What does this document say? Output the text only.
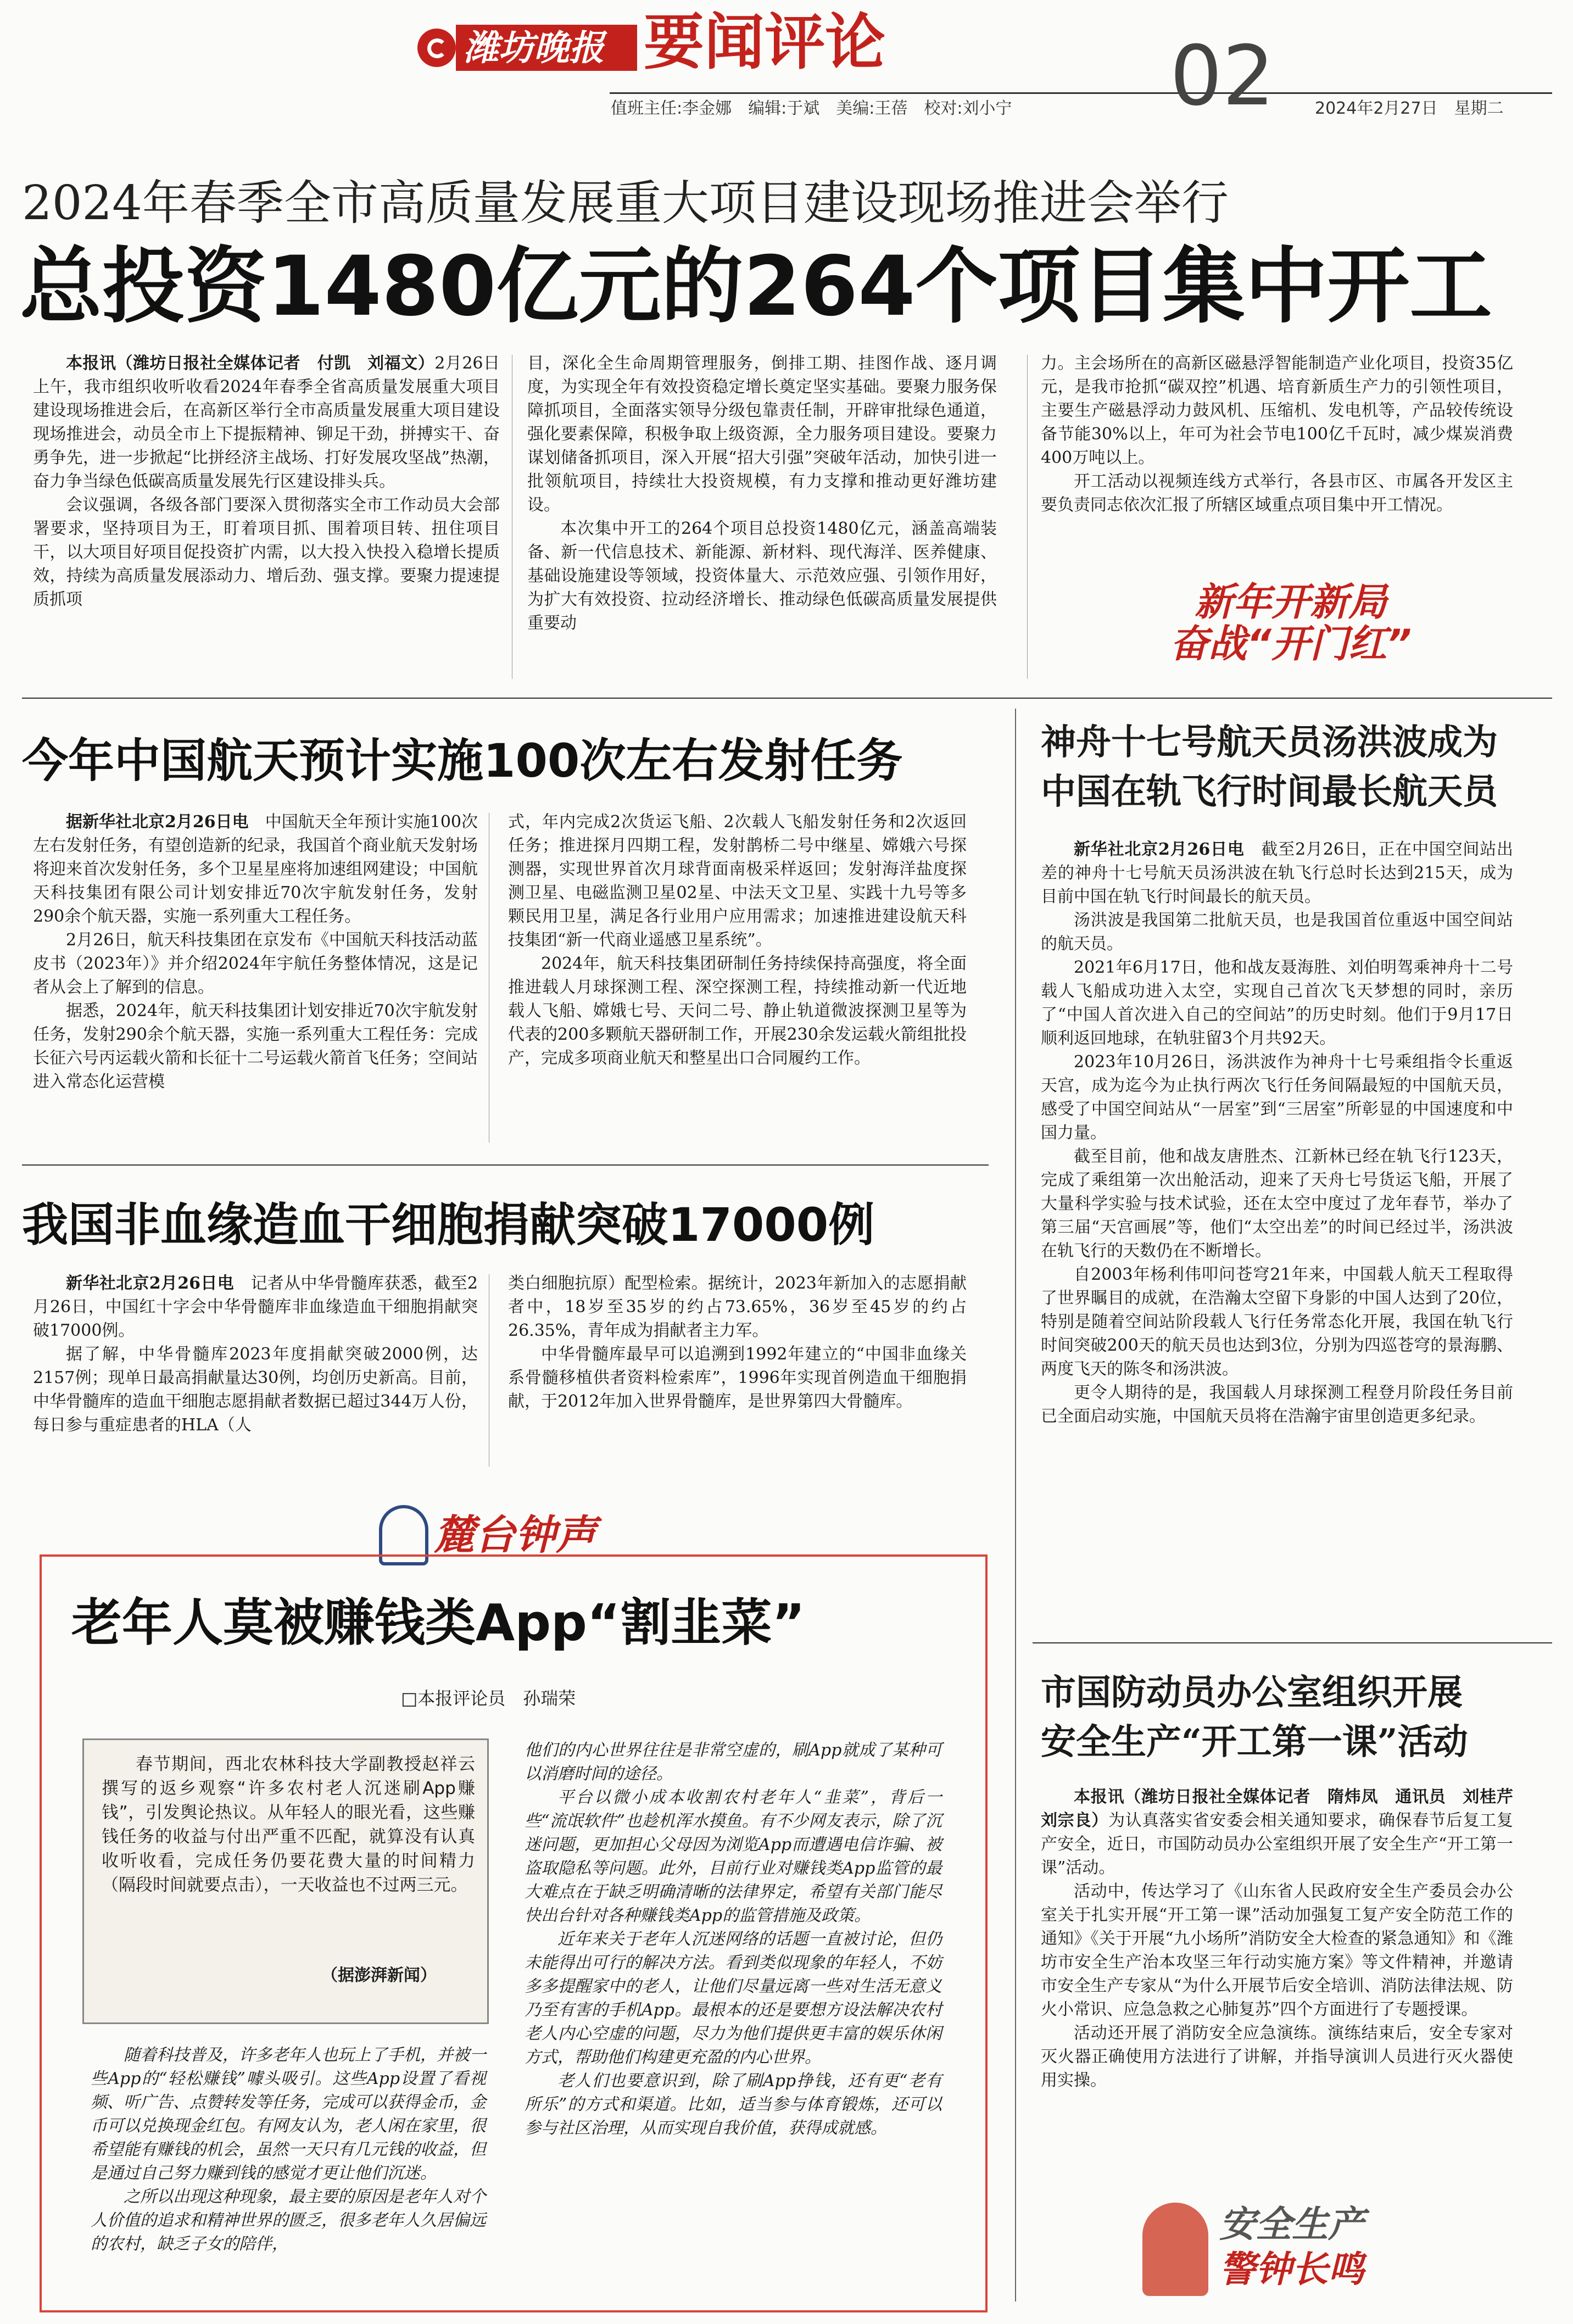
潍坊晚报 要闻评论
值班主任:李金娜　编辑:于斌　美编:王蓓　校对:刘小宁 02 2024年2月27日　星期二
2024年春季全市高质量发展重大项目建设现场推进会举行
总投资1480亿元的264个项目集中开工

本报讯（潍坊日报社全媒体记者　付凯　刘福文）2月26日上午，我市组织收听收看2024年春季全省高质量发展重大项目建设现场推进会后，在高新区举行全市高质量发展重大项目建设现场推进会，动员全市上下提振精神、铆足干劲，拼搏实干、奋勇争先，进一步掀起“比拼经济主战场、打好发展攻坚战”热潮，奋力争当绿色低碳高质量发展先行区建设排头兵。

会议强调，各级各部门要深入贯彻落实全市工作动员大会部署要求，坚持项目为王，盯着项目抓、围着项目转、扭住项目干，以大项目好项目促投资扩内需，以大投入快投入稳增长提质效，持续为高质量发展添动力、增后劲、强支撑。要聚力提速提质抓项

目，深化全生命周期管理服务，倒排工期、挂图作战、逐月调度，为实现全年有效投资稳定增长奠定坚实基础。要聚力服务保障抓项目，全面落实领导分级包靠责任制，开辟审批绿色通道，强化要素保障，积极争取上级资源，全力服务项目建设。要聚力谋划储备抓项目，深入开展“招大引强”突破年活动，加快引进一批领航项目，持续壮大投资规模，有力支撑和推动更好潍坊建设。

本次集中开工的264个项目总投资1480亿元，涵盖高端装备、新一代信息技术、新能源、新材料、现代海洋、医养健康、基础设施建设等领域，投资体量大、示范效应强、引领作用好，为扩大有效投资、拉动经济增长、推动绿色低碳高质量发展提供重要动

力。主会场所在的高新区磁悬浮智能制造产业化项目，投资35亿元，是我市抢抓“碳双控”机遇、培育新质生产力的引领性项目，主要生产磁悬浮动力鼓风机、压缩机、发电机等，产品较传统设备节能30%以上，年可为社会节电100亿千瓦时，减少煤炭消费400万吨以上。

开工活动以视频连线方式举行，各县市区、市属各开发区主要负责同志依次汇报了所辖区域重点项目集中开工情况。

新年开新局
奋战“开门红”
今年中国航天预计实施100次左右发射任务

据新华社北京2月26日电　 中国航天全年预计实施100次左右发射任务，有望创造新的纪录，我国首个商业航天发射场将迎来首次发射任务，多个卫星星座将加速组网建设；中国航天科技集团有限公司计划安排近70次宇航发射任务，发射290余个航天器，实施一系列重大工程任务。

2月26日，航天科技集团在京发布《中国航天科技活动蓝皮书（2023年）》并介绍2024年宇航任务整体情况，这是记者从会上了解到的信息。

据悉，2024年，航天科技集团计划安排近70次宇航发射任务，发射290余个航天器，实施一系列重大工程任务：完成长征六号丙运载火箭和长征十二号运载火箭首飞任务；空间站进入常态化运营模

式，年内完成2次货运飞船、2次载人飞船发射任务和2次返回任务；推进探月四期工程，发射鹊桥二号中继星、嫦娥六号探测器，实现世界首次月球背面南极采样返回；发射海洋盐度探测卫星、电磁监测卫星02星、中法天文卫星、实践十九号等多颗民用卫星，满足各行业用户应用需求；加速推进建设航天科技集团“新一代商业遥感卫星系统”。

2024年，航天科技集团研制任务持续保持高强度，将全面推进载人月球探测工程、深空探测工程，持续推动新一代近地载人飞船、嫦娥七号、天问二号、静止轨道微波探测卫星等为代表的200多颗航天器研制工作，开展230余发运载火箭组批投产，完成多项商业航天和整星出口合同履约工作。

我国非血缘造血干细胞捐献突破17000例

新华社北京2月26日电　 记者从中华骨髓库获悉，截至2月26日，中国红十字会中华骨髓库非血缘造血干细胞捐献突破17000例。

据了解，中华骨髓库2023年度捐献突破2000例，达2157例；现单日最高捐献量达30例，均创历史新高。目前，中华骨髓库的造血干细胞志愿捐献者数据已超过344万人份，每日参与重症患者的HLA（人

类白细胞抗原）配型检索。据统计，2023年新加入的志愿捐献者中，18岁至35岁的约占73.65%，36岁至45岁的约占26.35%，青年成为捐献者主力军。

中华骨髓库最早可以追溯到1992年建立的“中国非血缘关系骨髓移植供者资料检索库”，1996年实现首例造血干细胞捐献，于2012年加入世界骨髓库，是世界第四大骨髓库。

麓台钟声
老年人莫被赚钱类App“割韭菜”
□本报评论员　孙瑞荣

春节期间，西北农林科技大学副教授赵祥云撰写的返乡观察“许多农村老人沉迷刷App赚钱”，引发舆论热议。从年轻人的眼光看，这些赚钱任务的收益与付出严重不匹配，就算没有认真收听收看，完成任务仍要花费大量的时间精力（隔段时间就要点击），一天收益也不过两三元。

（据澎湃新闻）

随着科技普及，许多老年人也玩上了手机，并被一些App的“轻松赚钱”噱头吸引。这些App设置了看视频、听广告、点赞转发等任务，完成可以获得金币，金币可以兑换现金红包。有网友认为，老人闲在家里，很希望能有赚钱的机会，虽然一天只有几元钱的收益，但是通过自己努力赚到钱的感觉才更让他们沉迷。

之所以出现这种现象，最主要的原因是老年人对个人价值的追求和精神世界的匮乏，很多老年人久居偏远的农村，缺乏子女的陪伴，

他们的内心世界往往是非常空虚的，刷App就成了某种可以消磨时间的途径。

平台以微小成本收割农村老年人“韭菜”，背后一些“流氓软件”也趁机浑水摸鱼。有不少网友表示，除了沉迷问题，更加担心父母因为浏览App而遭遇电信诈骗、被盗取隐私等问题。此外，目前行业对赚钱类App监管的最大难点在于缺乏明确清晰的法律界定，希望有关部门能尽快出台针对各种赚钱类App的监管措施及政策。

近年来关于老年人沉迷网络的话题一直被讨论，但仍未能得出可行的解决方法。看到类似现象的年轻人，不妨多多提醒家中的老人，让他们尽量远离一些对生活无意义乃至有害的手机App。最根本的还是要想方设法解决农村老人内心空虚的问题，尽力为他们提供更丰富的娱乐休闲方式，帮助他们构建更充盈的内心世界。

老人们也要意识到，除了刷App挣钱，还有更“老有所乐”的方式和渠道。比如，适当参与体育锻炼，还可以参与社区治理，从而实现自我价值，获得成就感。

神舟十七号航天员汤洪波成为
中国在轨飞行时间最长航天员

新华社北京2月26日电　 截至2月26日，正在中国空间站出差的神舟十七号航天员汤洪波在轨飞行总时长达到215天，成为目前中国在轨飞行时间最长的航天员。

汤洪波是我国第二批航天员，也是我国首位重返中国空间站的航天员。

2021年6月17日，他和战友聂海胜、刘伯明驾乘神舟十二号载人飞船成功进入太空，实现自己首次飞天梦想的同时，亲历了“中国人首次进入自己的空间站”的历史时刻。他们于9月17日顺利返回地球，在轨驻留3个月共92天。

2023年10月26日，汤洪波作为神舟十七号乘组指令长重返天宫，成为迄今为止执行两次飞行任务间隔最短的中国航天员，感受了中国空间站从“一居室”到“三居室”所彰显的中国速度和中国力量。

截至目前，他和战友唐胜杰、江新林已经在轨飞行123天，完成了乘组第一次出舱活动，迎来了天舟七号货运飞船，开展了大量科学实验与技术试验，还在太空中度过了龙年春节，举办了第三届“天宫画展”等，他们“太空出差”的时间已经过半，汤洪波在轨飞行的天数仍在不断增长。

自2003年杨利伟叩问苍穹21年来，中国载人航天工程取得了世界瞩目的成就，在浩瀚太空留下身影的中国人达到了20位，特别是随着空间站阶段载人飞行任务常态化开展，我国在轨飞行时间突破200天的航天员也达到3位，分别为四巡苍穹的景海鹏、两度飞天的陈冬和汤洪波。

更令人期待的是，我国载人月球探测工程登月阶段任务目前已全面启动实施，中国航天员将在浩瀚宇宙里创造更多纪录。

市国防动员办公室组织开展
安全生产“开工第一课”活动

本报讯（潍坊日报社全媒体记者　隋炜凤　通讯员　刘桂芹　刘宗良）为认真落实省安委会相关通知要求，确保春节后复工复产安全，近日，市国防动员办公室组织开展了安全生产“开工第一课”活动。

活动中，传达学习了《山东省人民政府安全生产委员会办公室关于扎实开展“开工第一课”活动加强复工复产安全防范工作的通知》《关于开展“九小场所”消防安全大检查的紧急通知》和《潍坊市安全生产治本攻坚三年行动实施方案》等文件精神，并邀请市安全生产专家从“为什么开展节后安全培训、消防法律法规、防火小常识、应急急救之心肺复苏”四个方面进行了专题授课。

活动还开展了消防安全应急演练。演练结束后，安全专家对灭火器正确使用方法进行了讲解，并指导演训人员进行灭火器使用实操。

安全生产
警钟长鸣
